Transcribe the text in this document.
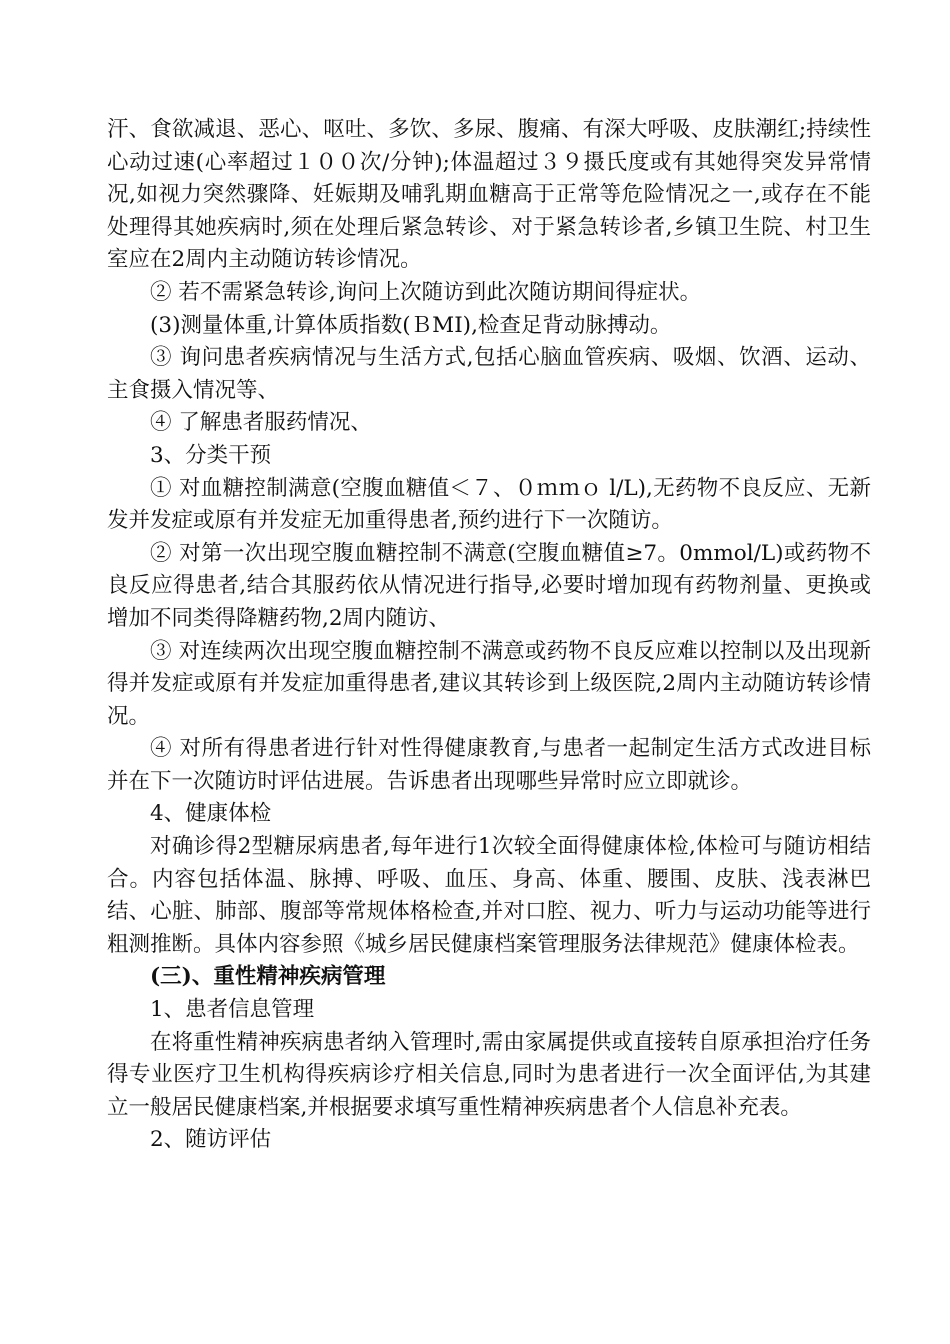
汗、食欲减退、恶心、呕吐、多饮、多尿、腹痛、有深大呼吸、皮肤潮红;持续性心动过速(心率超过１００次/分钟);体温超过３９摄氏度或有其她得突发异常情况,如视力突然骤降、妊娠期及哺乳期血糖高于正常等危险情况之一,或存在不能处理得其她疾病时,须在处理后紧急转诊、对于紧急转诊者,乡镇卫生院、村卫生室应在2周内主动随访转诊情况。

② 若不需紧急转诊,询问上次随访到此次随访期间得症状。

(3)测量体重,计算体质指数(ＢMI),检查足背动脉搏动。

③ 询问患者疾病情况与生活方式,包括心脑血管疾病、吸烟、饮酒、运动、主食摄入情况等、

④ 了解患者服药情况、

3、分类干预

① 对血糖控制满意(空腹血糖值＜７、０ｍｍｏ l/L),无药物不良反应、无新发并发症或原有并发症无加重得患者,预约进行下一次随访。

② 对第一次出现空腹血糖控制不满意(空腹血糖值≥7。0mmol/L)或药物不良反应得患者,结合其服药依从情况进行指导,必要时增加现有药物剂量、更换或增加不同类得降糖药物,2周内随访、

③ 对连续两次出现空腹血糖控制不满意或药物不良反应难以控制以及出现新得并发症或原有并发症加重得患者,建议其转诊到上级医院,2周内主动随访转诊情况。

④ 对所有得患者进行针对性得健康教育,与患者一起制定生活方式改进目标并在下一次随访时评估进展。告诉患者出现哪些异常时应立即就诊。

4、健康体检

对确诊得2型糖尿病患者,每年进行1次较全面得健康体检,体检可与随访相结合。内容包括体温、脉搏、呼吸、血压、身高、体重、腰围、皮肤、浅表淋巴结、心脏、肺部、腹部等常规体格检查,并对口腔、视力、听力与运动功能等进行粗测推断。具体内容参照《城乡居民健康档案管理服务法律规范》健康体检表。

(三)、重性精神疾病管理

1、患者信息管理

在将重性精神疾病患者纳入管理时,需由家属提供或直接转自原承担治疗任务得专业医疗卫生机构得疾病诊疗相关信息,同时为患者进行一次全面评估,为其建立一般居民健康档案,并根据要求填写重性精神疾病患者个人信息补充表。

2、随访评估
